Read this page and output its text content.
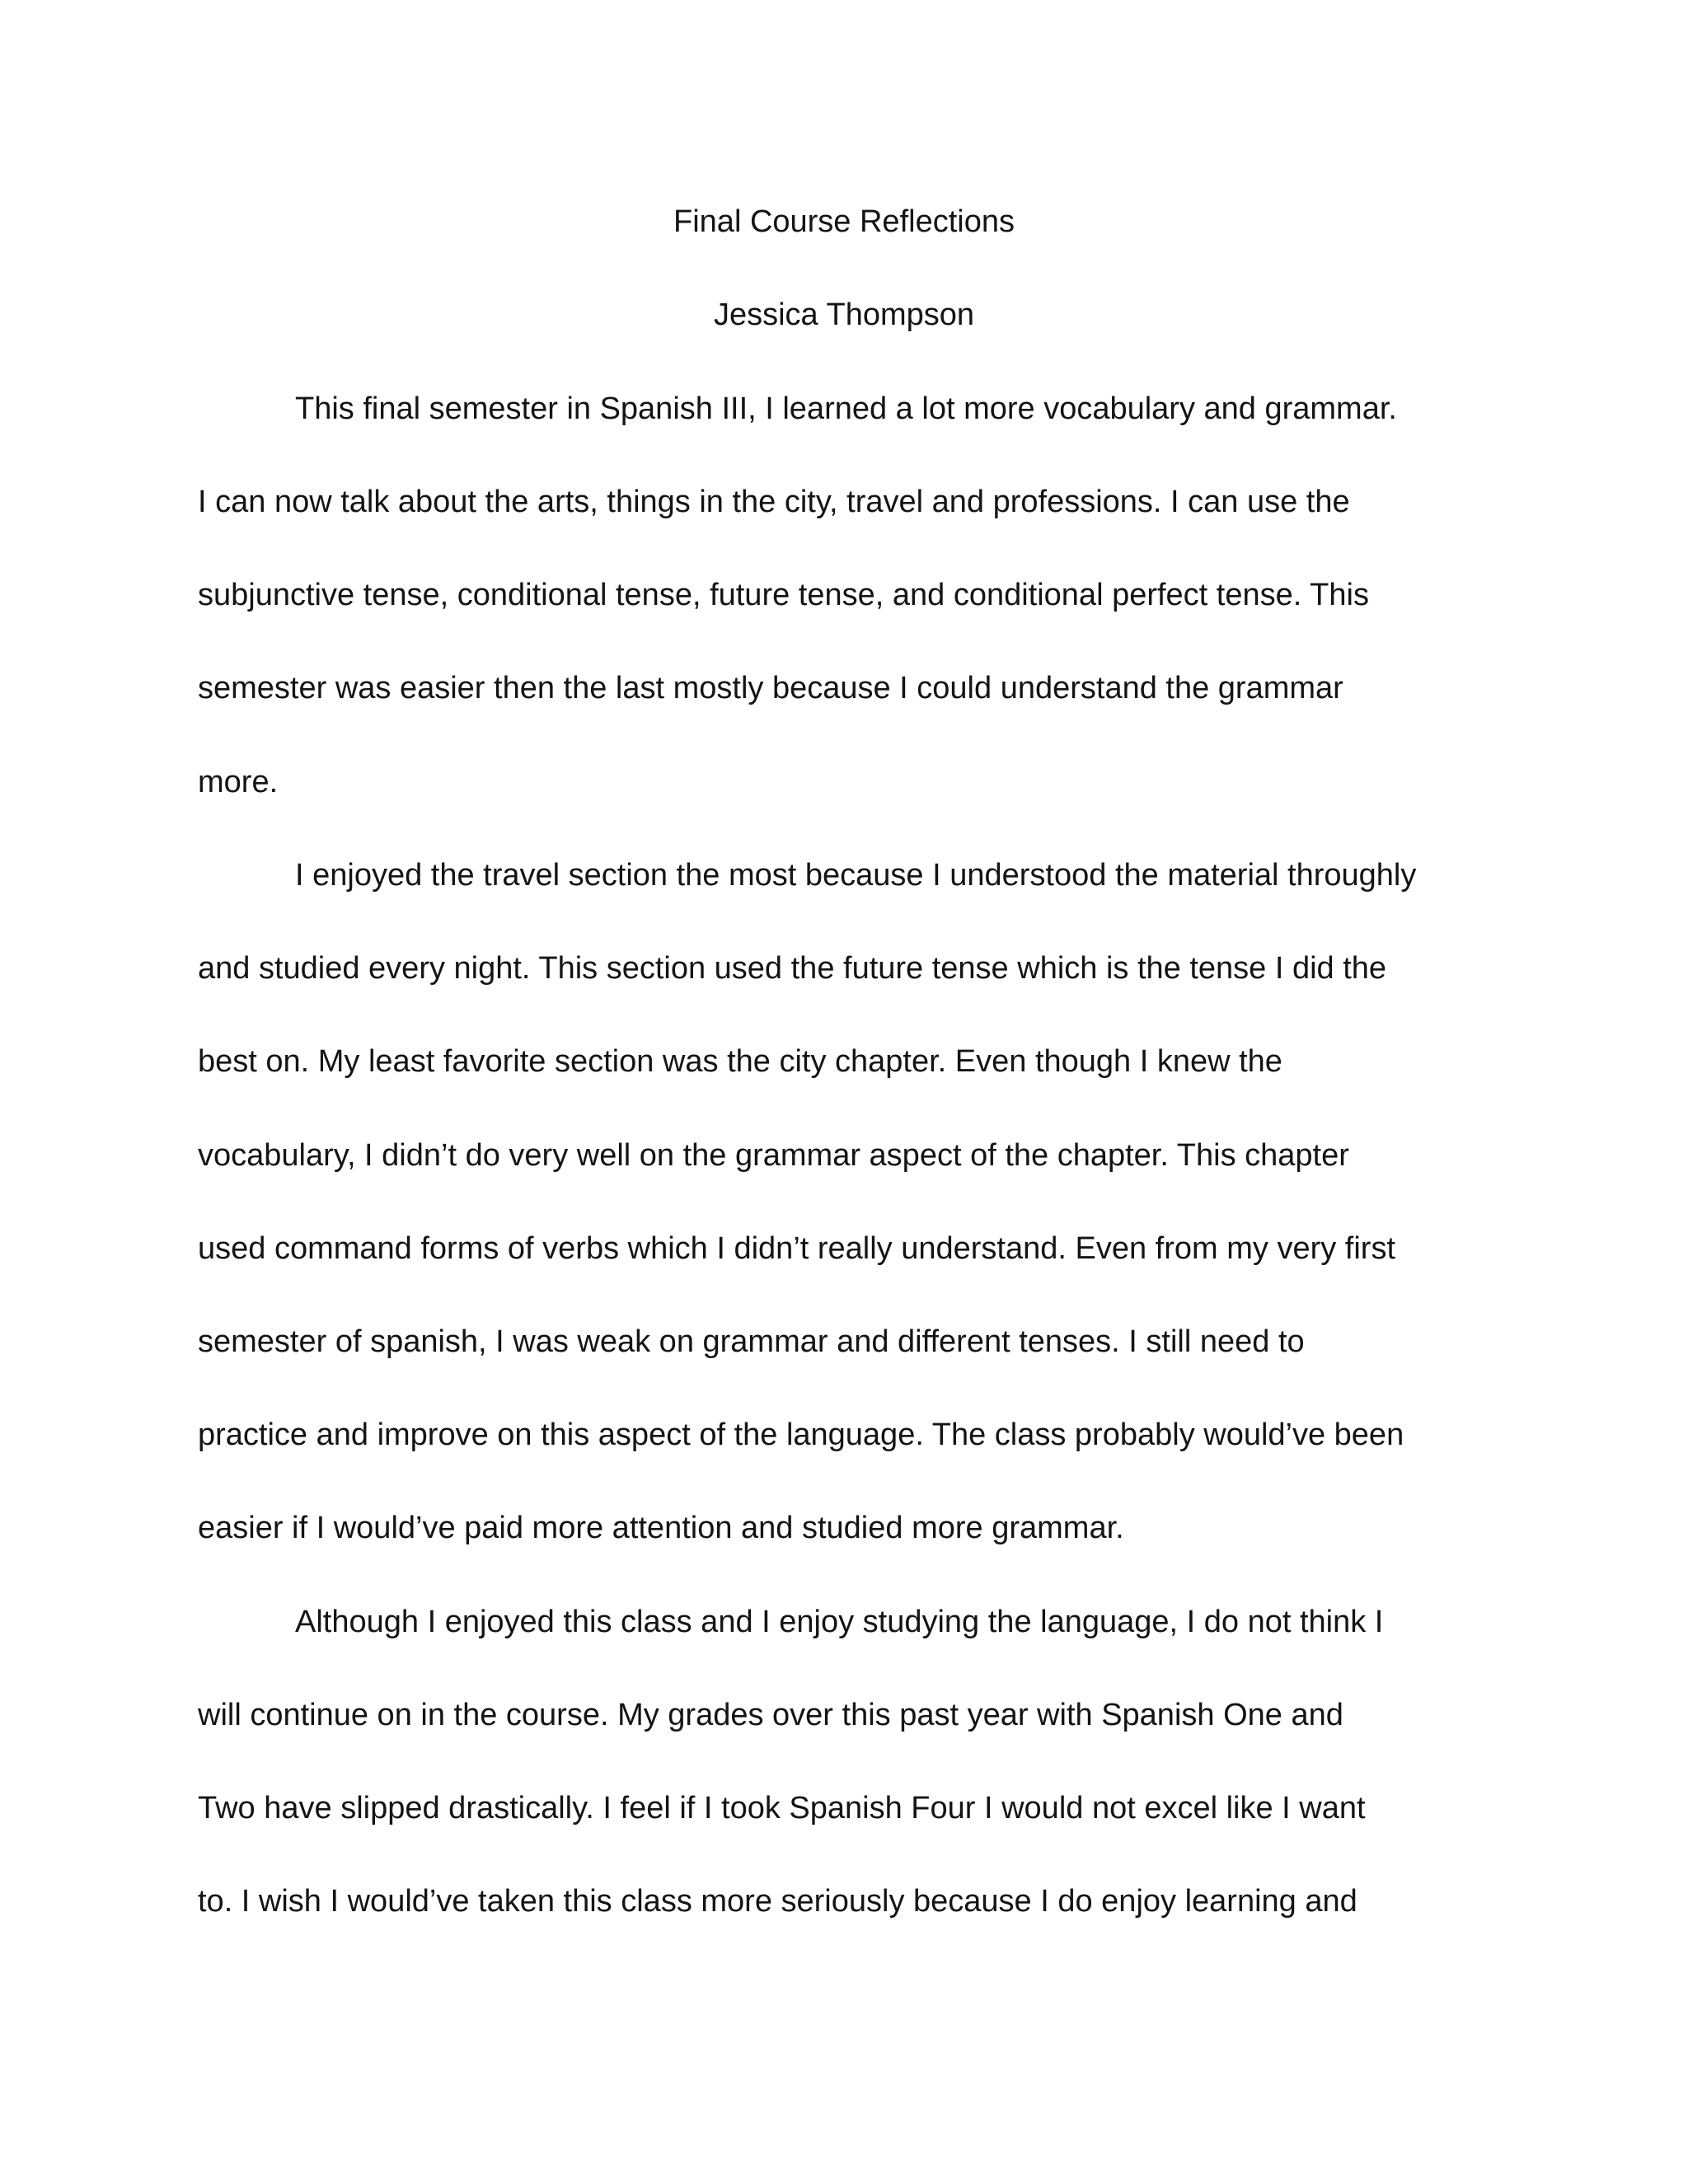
Final Course Reflections
Jessica Thompson
This final semester in Spanish III, I learned a lot more vocabulary and grammar.
I can now talk about the arts, things in the city, travel and professions. I can use the
subjunctive tense, conditional tense, future tense, and conditional perfect tense. This
semester was easier then the last mostly because I could understand the grammar
more.
I enjoyed the travel section the most because I understood the material throughly
and studied every night. This section used the future tense which is the tense I did the
best on. My least favorite section was the city chapter. Even though I knew the
vocabulary, I didn’t do very well on the grammar aspect of the chapter. This chapter
used command forms of verbs which I didn’t really understand. Even from my very first
semester of spanish, I was weak on grammar and different tenses. I still need to
practice and improve on this aspect of the language. The class probably would’ve been
easier if I would’ve paid more attention and studied more grammar.
Although I enjoyed this class and I enjoy studying the language, I do not think I
will continue on in the course. My grades over this past year with Spanish One and
Two have slipped drastically. I feel if I took Spanish Four I would not excel like I want
to. I wish I would’ve taken this class more seriously because I do enjoy learning and
